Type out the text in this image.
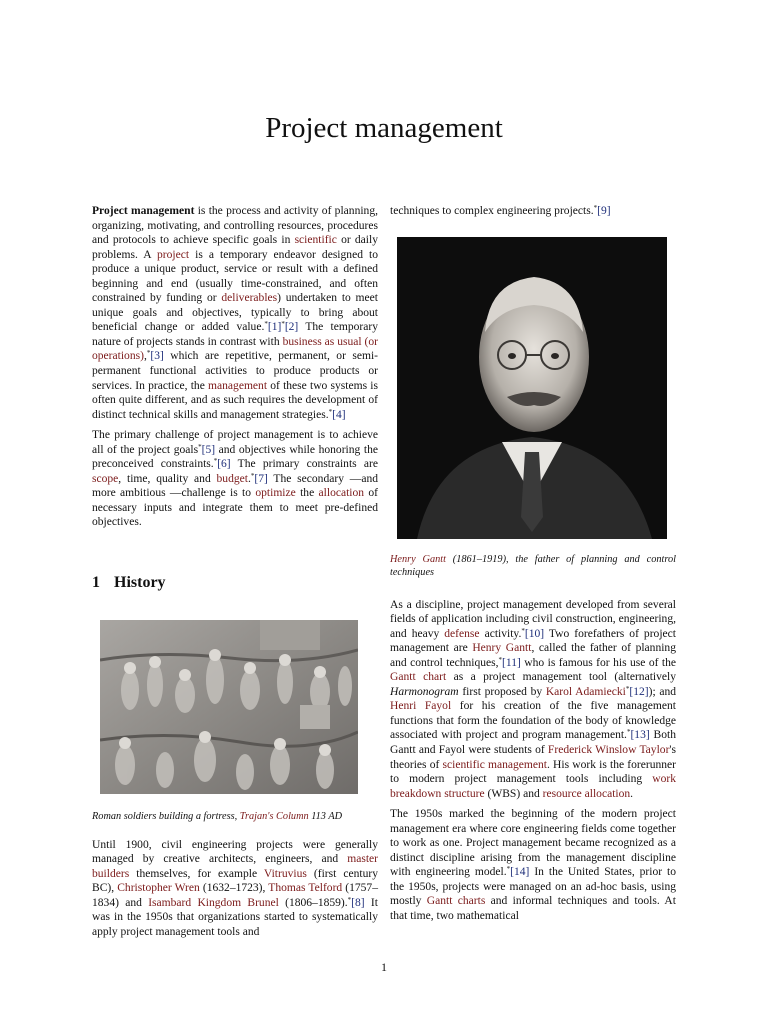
Project management

Project management is the process and activity of planning, organizing, motivating, and controlling resources, procedures and protocols to achieve specific goals in scientific or daily problems. A project is a temporary endeavor designed to produce a unique product, service or result with a defined beginning and end (usually time-constrained, and often constrained by funding or deliverables) undertaken to meet unique goals and objectives, typically to bring about beneficial change or added value.*[1]*[2] The temporary nature of projects stands in contrast with business as usual (or operations),*[3] which are repetitive, permanent, or semi-permanent functional activities to produce products or services. In practice, the management of these two systems is often quite different, and as such requires the development of distinct technical skills and management strategies.*[4]

The primary challenge of project management is to achieve all of the project goals*[5] and objectives while honoring the preconceived constraints.*[6] The primary constraints are scope, time, quality and budget.*[7] The secondary —and more ambitious —challenge is to optimize the allocation of necessary inputs and integrate them to meet pre-defined objectives.

1 History
Roman soldiers building a fortress, Trajan's Column 113 AD

Until 1900, civil engineering projects were generally managed by creative architects, engineers, and master builders themselves, for example Vitruvius (first century BC), Christopher Wren (1632–1723), Thomas Telford (1757–1834) and Isambard Kingdom Brunel (1806–1859).*[8] It was in the 1950s that organizations started to systematically apply project management tools and

techniques to complex engineering projects.*[9]

Henry Gantt (1861–1919), the father of planning and control techniques

As a discipline, project management developed from several fields of application including civil construction, engineering, and heavy defense activity.*[10] Two forefathers of project management are Henry Gantt, called the father of planning and control techniques,*[11] who is famous for his use of the Gantt chart as a project management tool (alternatively Harmonogram first proposed by Karol Adamiecki*[12]); and Henri Fayol for his creation of the five management functions that form the foundation of the body of knowledge associated with project and program management.*[13] Both Gantt and Fayol were students of Frederick Winslow Taylor's theories of scientific management. His work is the forerunner to modern project management tools including work breakdown structure (WBS) and resource allocation.

The 1950s marked the beginning of the modern project management era where core engineering fields come together to work as one. Project management became recognized as a distinct discipline arising from the management discipline with engineering model.*[14] In the United States, prior to the 1950s, projects were managed on an ad-hoc basis, using mostly Gantt charts and informal techniques and tools. At that time, two mathematical

1
